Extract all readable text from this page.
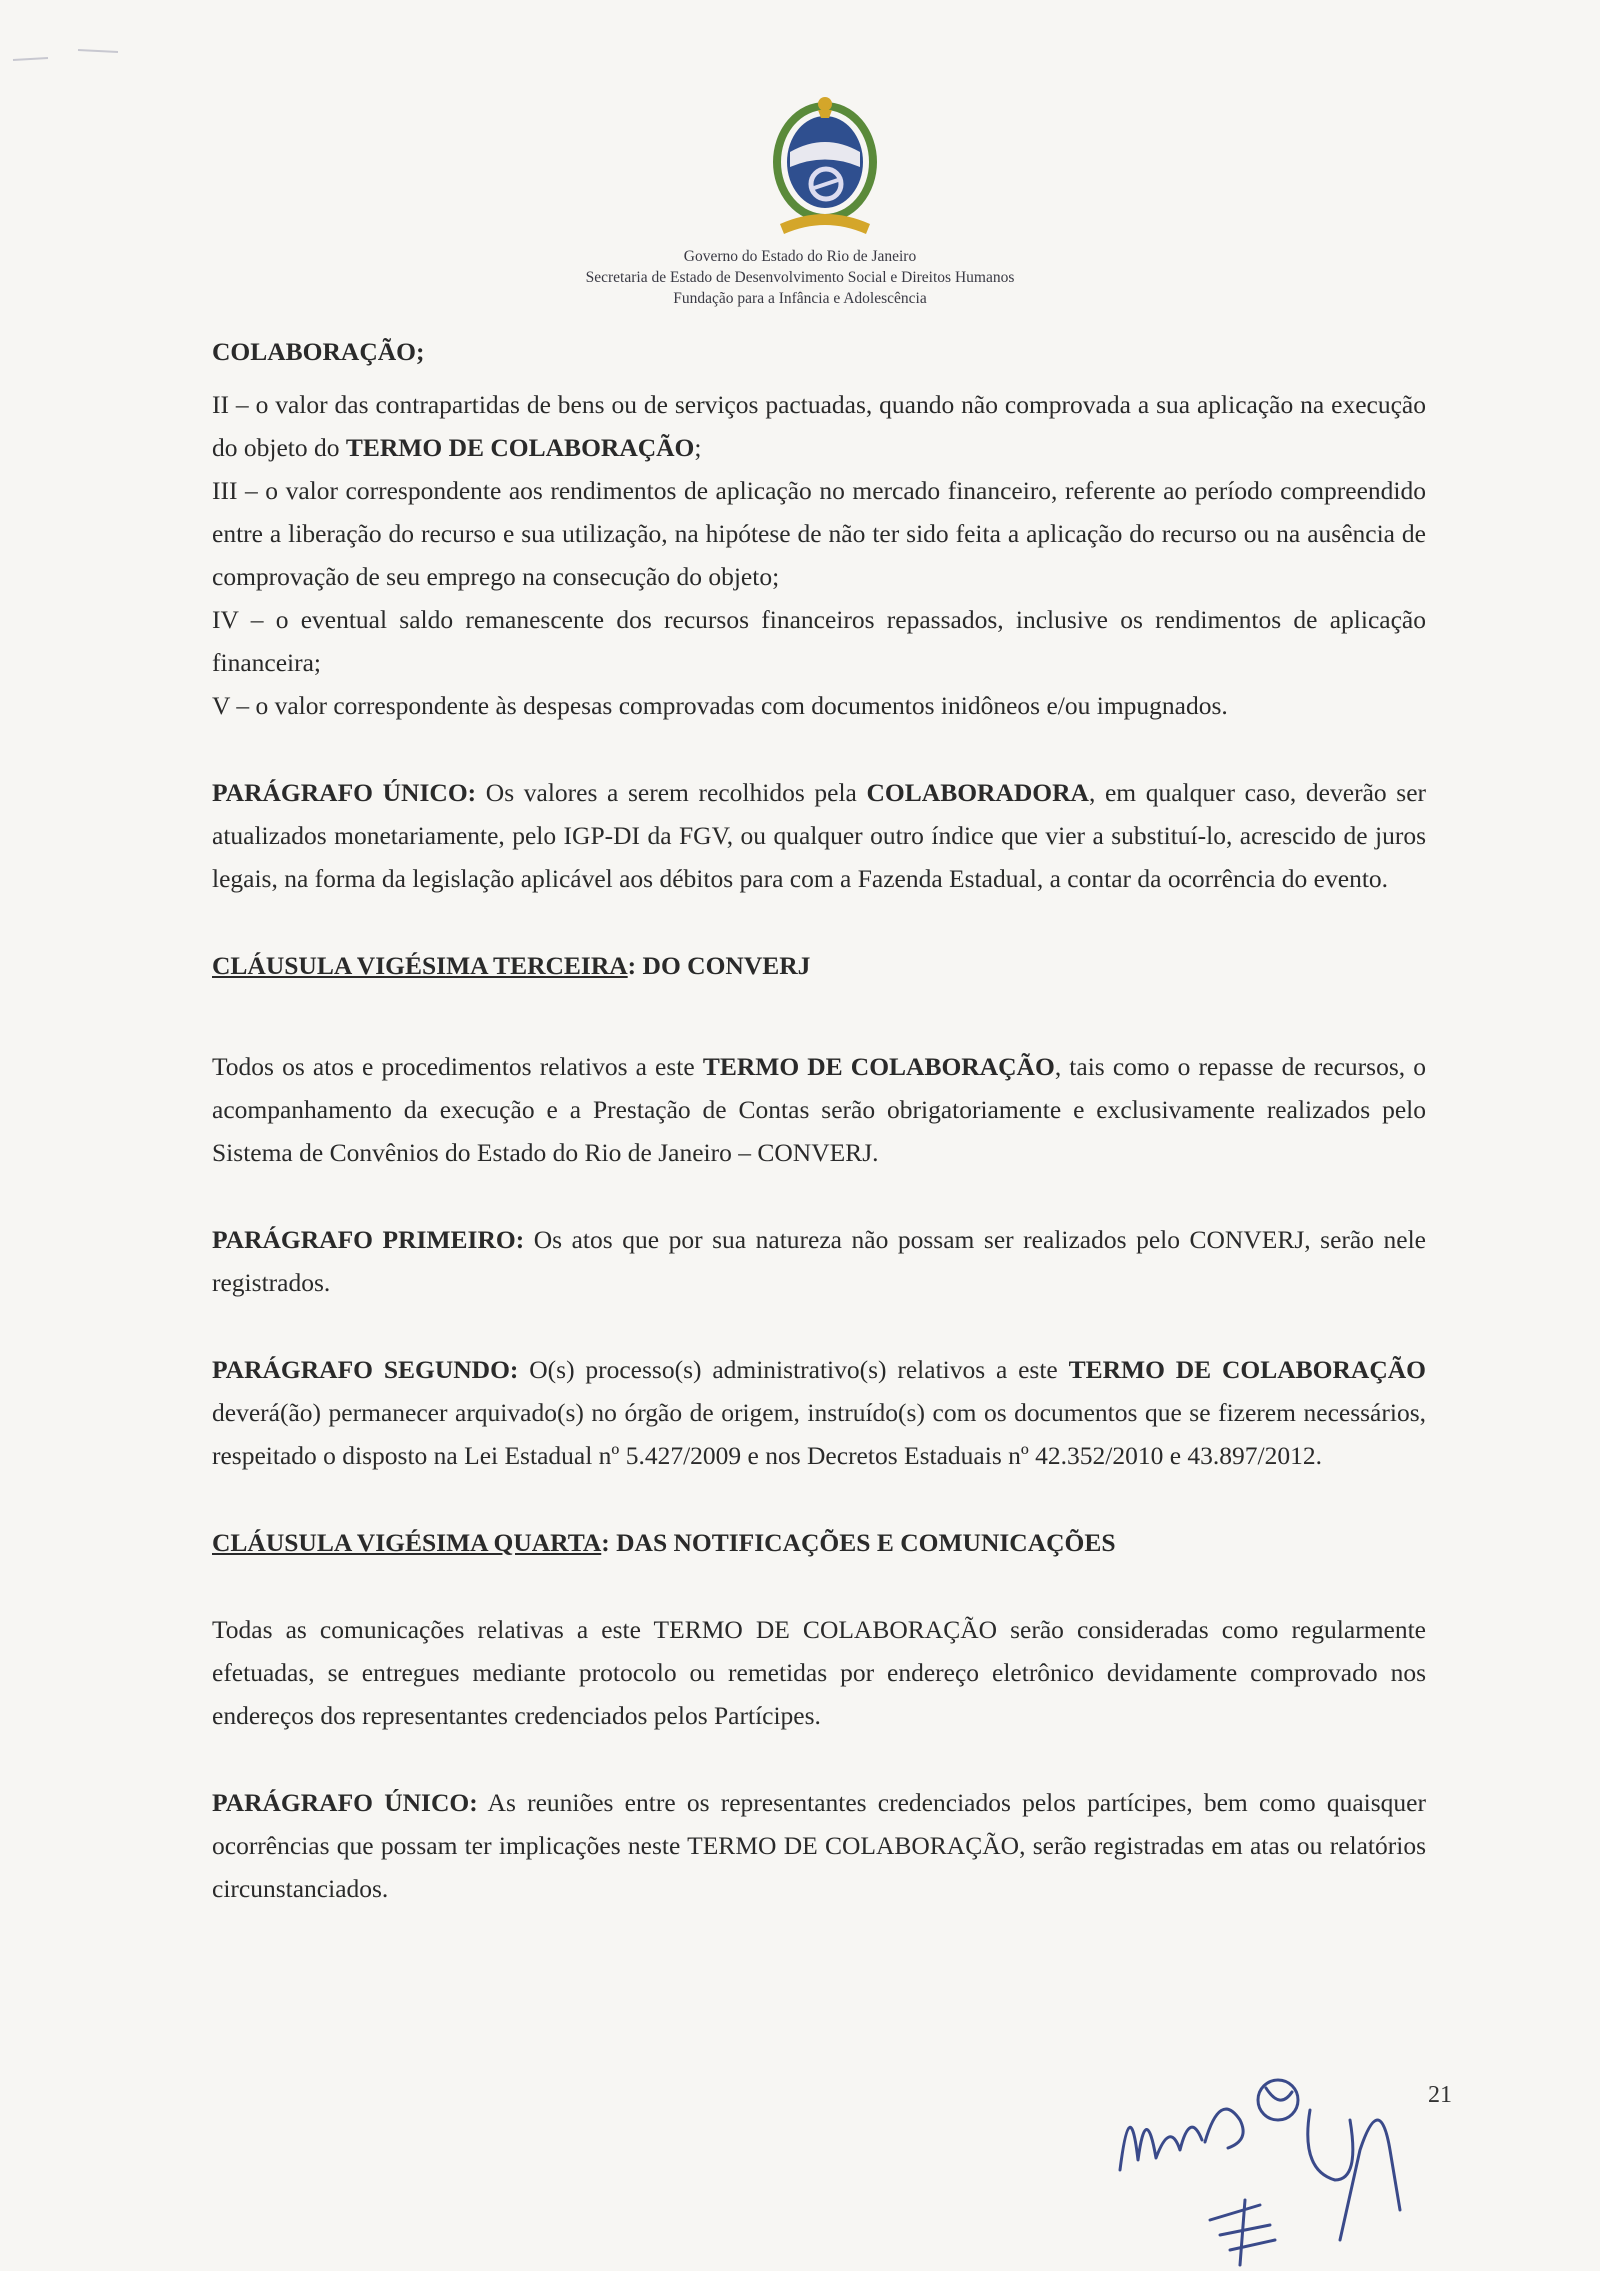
Governo do Estado do Rio de Janeiro
Secretaria de Estado de Desenvolvimento Social e Direitos Humanos
Fundação para a Infância e Adolescência

COLABORAÇÃO;

II – o valor das contrapartidas de bens ou de serviços pactuadas, quando não comprovada a sua aplicação na execução do objeto do TERMO DE COLABORAÇÃO;

III – o valor correspondente aos rendimentos de aplicação no mercado financeiro, referente ao período compreendido entre a liberação do recurso e sua utilização, na hipótese de não ter sido feita a aplicação do recurso ou na ausência de comprovação de seu emprego na consecução do objeto;

IV – o eventual saldo remanescente dos recursos financeiros repassados, inclusive os rendimentos de aplicação financeira;

V – o valor correspondente às despesas comprovadas com documentos inidôneos e/ou impugnados.

PARÁGRAFO ÚNICO: Os valores a serem recolhidos pela COLABORADORA, em qualquer caso, deverão ser atualizados monetariamente, pelo IGP-DI da FGV, ou qualquer outro índice que vier a substituí-lo, acrescido de juros legais, na forma da legislação aplicável aos débitos para com a Fazenda Estadual, a contar da ocorrência do evento.

CLÁUSULA VIGÉSIMA TERCEIRA: DO CONVERJ

Todos os atos e procedimentos relativos a este TERMO DE COLABORAÇÃO, tais como o repasse de recursos, o acompanhamento da execução e a Prestação de Contas serão obrigatoriamente e exclusivamente realizados pelo Sistema de Convênios do Estado do Rio de Janeiro – CONVERJ.

PARÁGRAFO PRIMEIRO: Os atos que por sua natureza não possam ser realizados pelo CONVERJ, serão nele registrados.

PARÁGRAFO SEGUNDO: O(s) processo(s) administrativo(s) relativos a este TERMO DE COLABORAÇÃO deverá(ão) permanecer arquivado(s) no órgão de origem, instruído(s) com os documentos que se fizerem necessários, respeitado o disposto na Lei Estadual nº 5.427/2009 e nos Decretos Estaduais nº 42.352/2010 e 43.897/2012.

CLÁUSULA VIGÉSIMA QUARTA: DAS NOTIFICAÇÕES E COMUNICAÇÕES

Todas as comunicações relativas a este TERMO DE COLABORAÇÃO serão consideradas como regularmente efetuadas, se entregues mediante protocolo ou remetidas por endereço eletrônico devidamente comprovado nos endereços dos representantes credenciados pelos Partícipes.

PARÁGRAFO ÚNICO: As reuniões entre os representantes credenciados pelos partícipes, bem como quaisquer ocorrências que possam ter implicações neste TERMO DE COLABORAÇÃO, serão registradas em atas ou relatórios circunstanciados.

21
